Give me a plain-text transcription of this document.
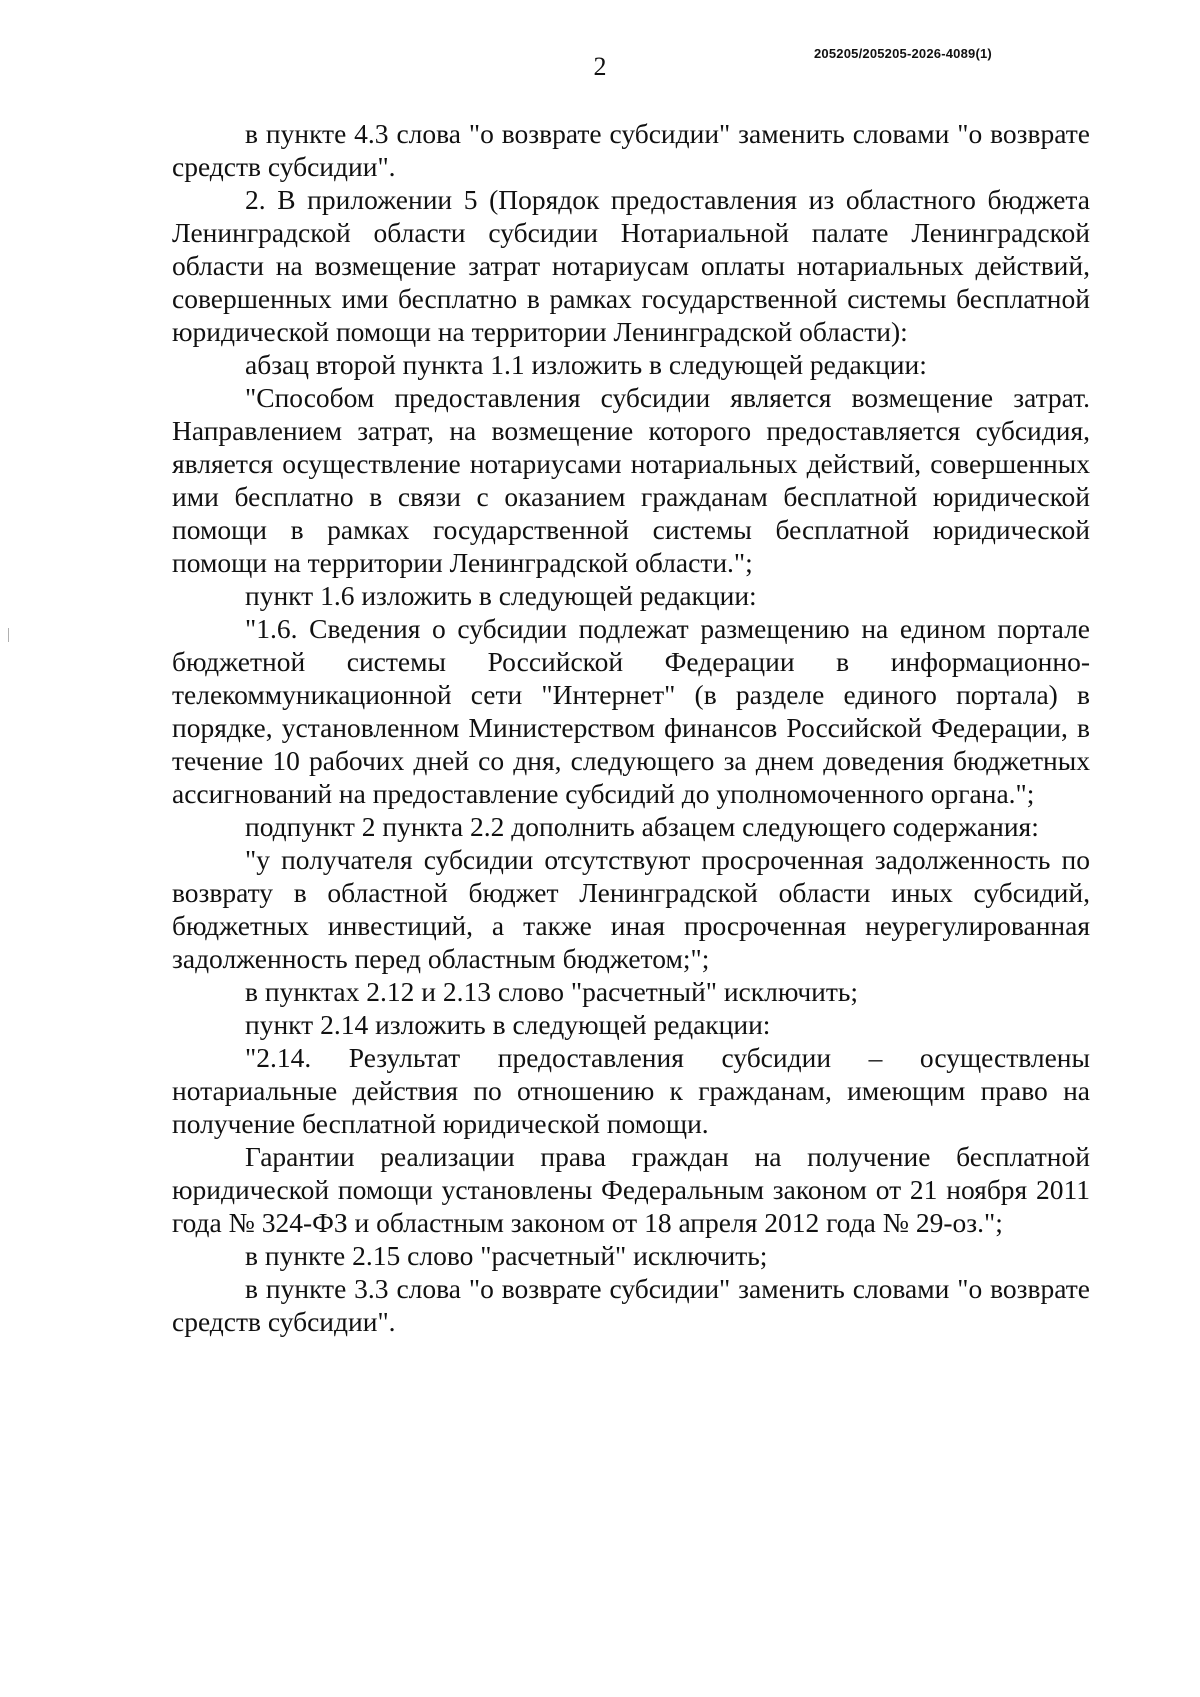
2	205205/205205-2026-4089(1)

в пункте 4.3 слова "о возврате субсидии" заменить словами "о возврате средств субсидии".

2. В приложении 5 (Порядок предоставления из областного бюджета Ленинградской области субсидии Нотариальной палате Ленинградской области на возмещение затрат нотариусам оплаты нотариальных действий, совершенных ими бесплатно в рамках государственной системы бесплатной юридической помощи на территории Ленинградской области):

абзац второй пункта 1.1 изложить в следующей редакции:

"Способом предоставления субсидии является возмещение затрат. Направлением затрат, на возмещение которого предоставляется субсидия, является осуществление нотариусами нотариальных действий, совершенных ими бесплатно в связи с оказанием гражданам бесплатной юридической помощи в рамках государственной системы бесплатной юридической помощи на территории Ленинградской области.";

пункт 1.6 изложить в следующей редакции:

"1.6. Сведения о субсидии подлежат размещению на едином портале бюджетной системы Российской Федерации в информационно-телекоммуникационной сети "Интернет" (в разделе единого портала) в порядке, установленном Министерством финансов Российской Федерации, в течение 10 рабочих дней со дня, следующего за днем доведения бюджетных ассигнований на предоставление субсидий до уполномоченного органа.";

подпункт 2 пункта 2.2 дополнить абзацем следующего содержания:

"у получателя субсидии отсутствуют просроченная задолженность по возврату в областной бюджет Ленинградской области иных субсидий, бюджетных инвестиций, а также иная просроченная неурегулированная задолженность перед областным бюджетом;";

в пунктах 2.12 и 2.13 слово "расчетный" исключить;

пункт 2.14 изложить в следующей редакции:

"2.14. Результат предоставления субсидии – осуществлены нотариальные действия по отношению к гражданам, имеющим право на получение бесплатной юридической помощи.

Гарантии реализации права граждан на получение бесплатной юридической помощи установлены Федеральным законом от 21 ноября 2011 года № 324-ФЗ и областным законом от 18 апреля 2012 года № 29-оз.";

в пункте 2.15 слово "расчетный" исключить;

в пункте 3.3 слова "о возврате субсидии" заменить словами "о возврате средств субсидии".
